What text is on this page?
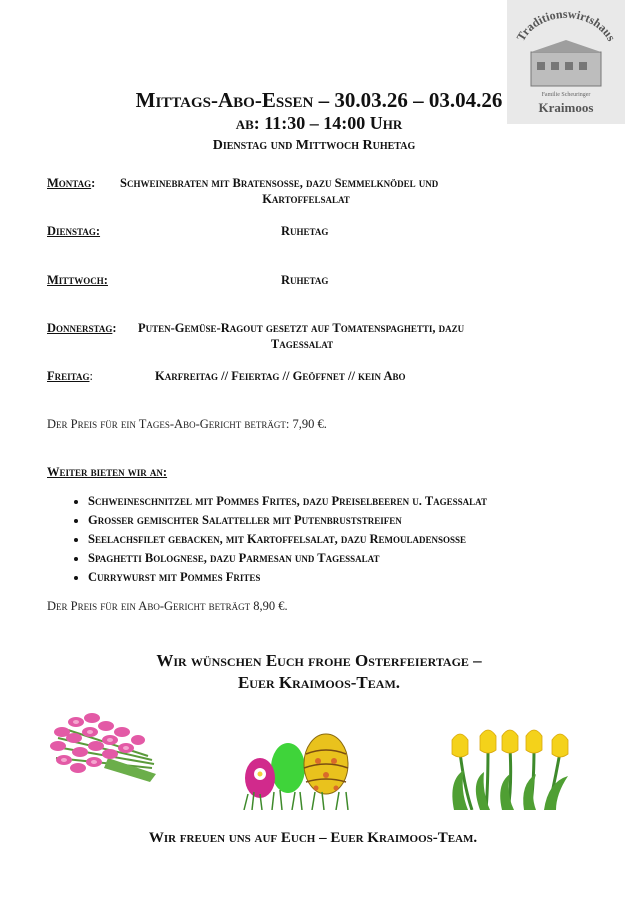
Traditionswirtshaus
Familie Scheuringer
Kraimoos
Mittags-Abo-Essen – 30.03.26 – 03.04.26
ab: 11:30 – 14:00 Uhr
Dienstag und Mittwoch Ruhetag
Montag: Schweinebraten mit Bratensoße, dazu Semmelknödel und
Kartoffelsalat
Dienstag:	Ruhetag
Mittwoch:	Ruhetag
Donnerstag: Puten-Gemüse-Ragout gesetzt auf Tomatenspaghetti, dazu
Tagessalat
Freitag:	Karfreitag // Feiertag // Geöffnet // kein Abo
Der Preis für ein Tages-Abo-Gericht beträgt: 7,90 €.
Weiter bieten wir an:
• Schweineschnitzel mit Pommes Frites, dazu Preiselbeeren u. Tagessalat
• Großer gemischter Salatteller mit Putenbruststreifen
• Seelachsfilet gebacken, mit Kartoffelsalat, dazu Remouladensoße
• Spaghetti Bolognese, dazu Parmesan und Tagessalat
• Currywurst mit Pommes Frites
Der Preis für ein Abo-Gericht beträgt 8,90 €.
Wir wünschen Euch frohe Osterfeiertage –
Euer Kraimoos-Team.
Wir freuen uns auf Euch – Euer Kraimoos-Team.
